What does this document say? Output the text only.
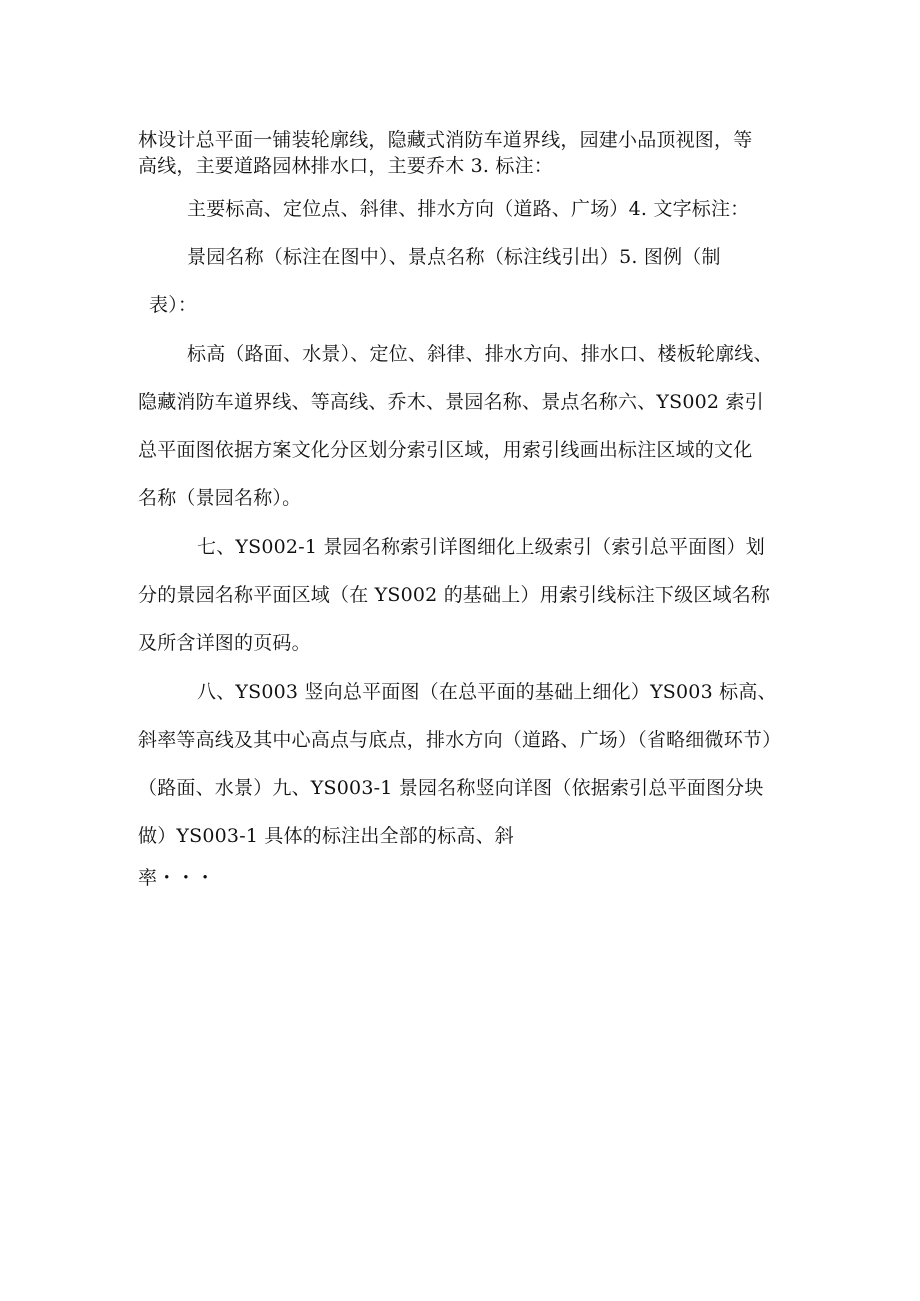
林设计总平面一铺装轮廓线，隐藏式消防车道界线，园建小品顶视图，等
高线，主要道路园林排水口，主要乔木 3. 标注：
主要标高、定位点、斜律、排水方向（道路、广场）4. 文字标注：
景园名称（标注在图中）、景点名称（标注线引出）5. 图例（制
表）：
标高（路面、水景）、定位、斜律、排水方向、排水口、楼板轮廓线、
隐藏消防车道界线、等高线、乔木、景园名称、景点名称六、YS002 索引
总平面图依据方案文化分区划分索引区域，用索引线画出标注区域的文化
名称（景园名称）。
七、YS002-1 景园名称索引详图细化上级索引（索引总平面图）划
分的景园名称平面区域（在 YS002 的基础上）用索引线标注下级区域名称
及所含详图的页码。
八、YS003 竖向总平面图（在总平面的基础上细化）YS003 标高、
斜率等高线及其中心高点与底点，排水方向（道路、广场）（省略细微环节）
（路面、水景）九、YS003-1 景园名称竖向详图（依据索引总平面图分块
做）YS003-1 具体的标注出全部的标高、斜
率・・・
